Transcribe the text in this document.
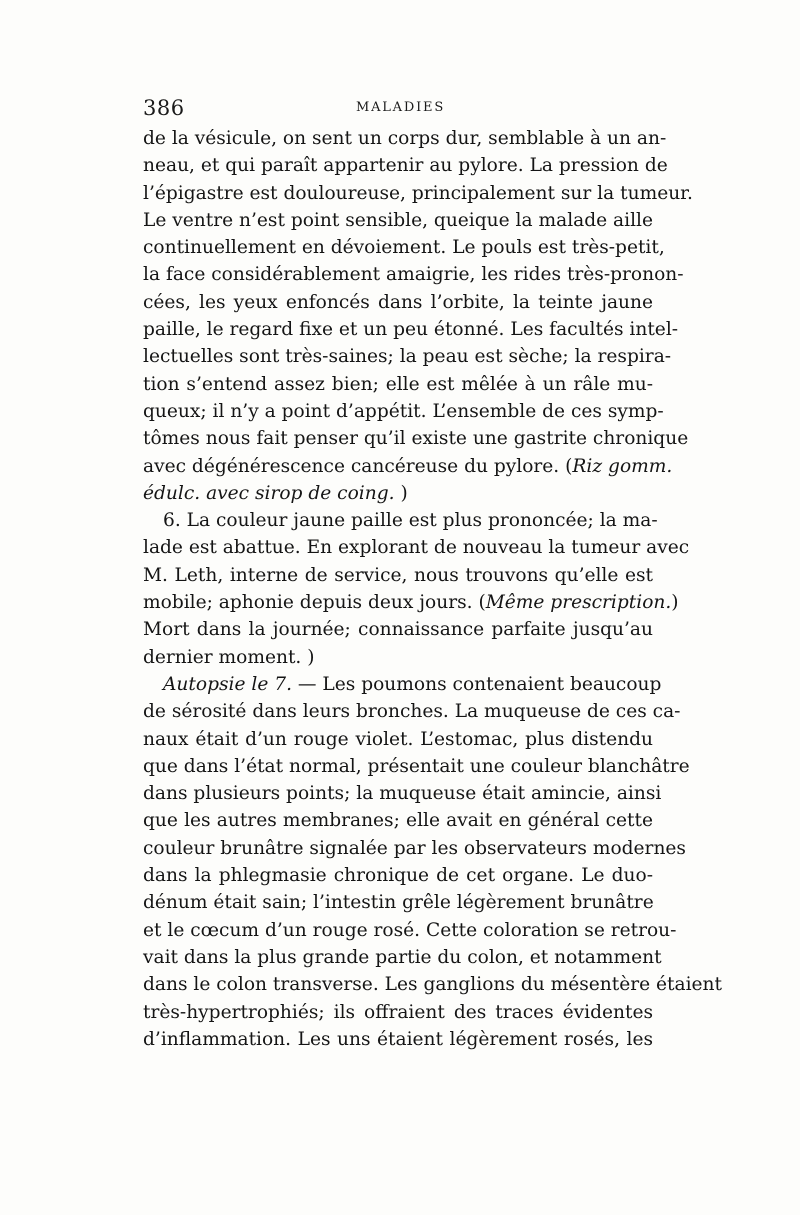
386	MALADIES
de la vésicule, on sent un corps dur, semblable à un an-
neau, et qui paraît appartenir au pylore. La pression de
l’épigastre est douloureuse, principalement sur la tumeur.
Le ventre n’est point sensible, queique la malade aille
continuellement en dévoiement. Le pouls est très-petit,
la face considérablement amaigrie, les rides très-pronon-
cées, les yeux enfoncés dans l’orbite, la teinte jaune
paille, le regard fixe et un peu étonné. Les facultés intel-
lectuelles sont très-saines; la peau est sèche; la respira-
tion s’entend assez bien; elle est mêlée à un râle mu-
queux; il n’y a point d’appétit. L’ensemble de ces symp-
tômes nous fait penser qu’il existe une gastrite chronique
avec dégénérescence cancéreuse du pylore. (Riz gomm.
édulc. avec sirop de coing. )
6. La couleur jaune paille est plus prononcée; la ma-
lade est abattue. En explorant de nouveau la tumeur avec
M. Leth, interne de service, nous trouvons qu’elle est
mobile; aphonie depuis deux jours. (Même prescription.)
Mort dans la journée; connaissance parfaite jusqu’au
dernier moment. )
Autopsie le 7. — Les poumons contenaient beaucoup
de sérosité dans leurs bronches. La muqueuse de ces ca-
naux était d’un rouge violet. L’estomac, plus distendu
que dans l’état normal, présentait une couleur blanchâtre
dans plusieurs points; la muqueuse était amincie, ainsi
que les autres membranes; elle avait en général cette
couleur brunâtre signalée par les observateurs modernes
dans la phlegmasie chronique de cet organe. Le duo-
dénum était sain; l’intestin grêle légèrement brunâtre
et le cœcum d’un rouge rosé. Cette coloration se retrou-
vait dans la plus grande partie du colon, et notamment
dans le colon transverse. Les ganglions du mésentère étaient
très-hypertrophiés; ils offraient des traces évidentes
d’inflammation. Les uns étaient légèrement rosés, les
